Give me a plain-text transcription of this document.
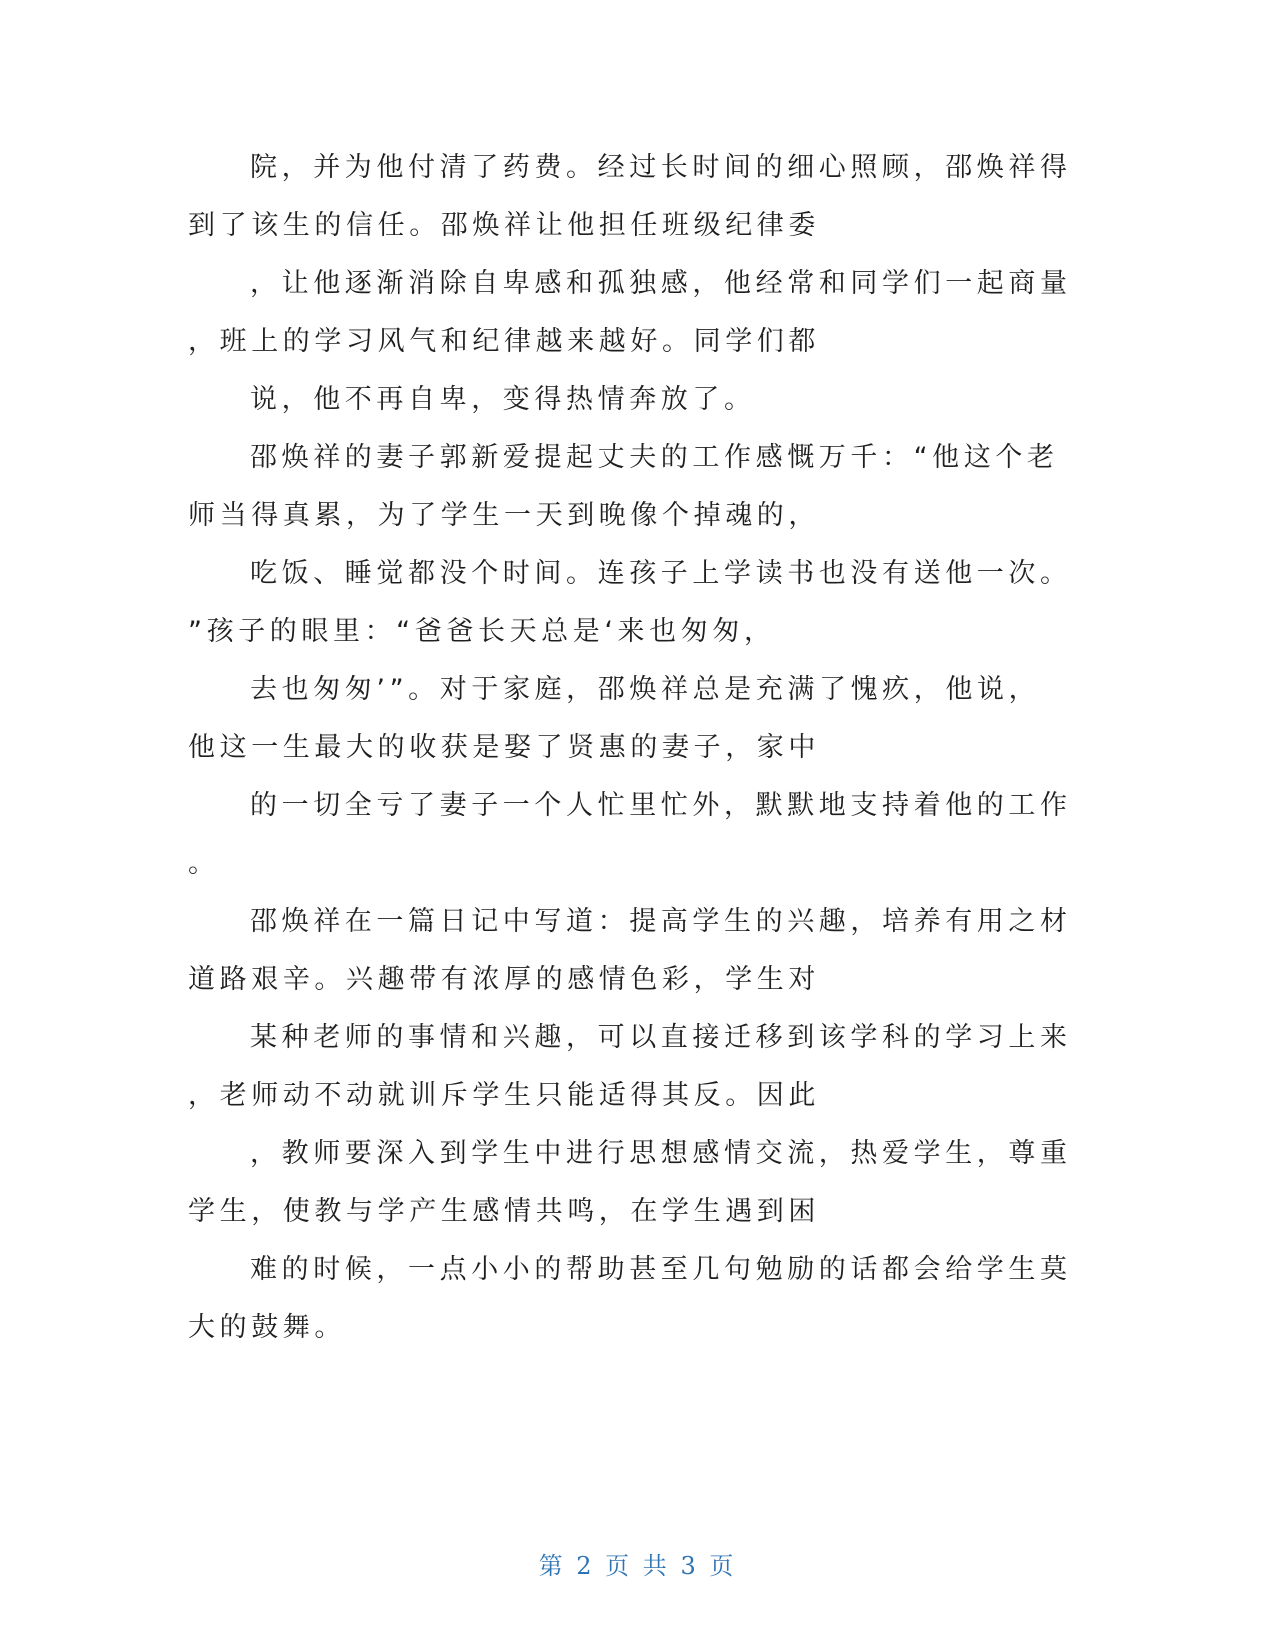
院，并为他付清了药费。经过长时间的细心照顾，邵焕祥得
到了该生的信任。邵焕祥让他担任班级纪律委
，让他逐渐消除自卑感和孤独感，他经常和同学们一起商量
，班上的学习风气和纪律越来越好。同学们都
说，他不再自卑，变得热情奔放了。
邵焕祥的妻子郭新爱提起丈夫的工作感慨万千：“他这个老
师当得真累，为了学生一天到晚像个掉魂的，
吃饭、睡觉都没个时间。连孩子上学读书也没有送他一次。
”孩子的眼里：“爸爸长天总是‘来也匆匆，
去也匆匆’”。对于家庭，邵焕祥总是充满了愧疚，他说，
他这一生最大的收获是娶了贤惠的妻子，家中
的一切全亏了妻子一个人忙里忙外，默默地支持着他的工作
。
邵焕祥在一篇日记中写道：提高学生的兴趣，培养有用之材
道路艰辛。兴趣带有浓厚的感情色彩，学生对
某种老师的事情和兴趣，可以直接迁移到该学科的学习上来
，老师动不动就训斥学生只能适得其反。因此
，教师要深入到学生中进行思想感情交流，热爱学生，尊重
学生，使教与学产生感情共鸣，在学生遇到困
难的时候，一点小小的帮助甚至几句勉励的话都会给学生莫
大的鼓舞。
第 2 页 共 3 页
